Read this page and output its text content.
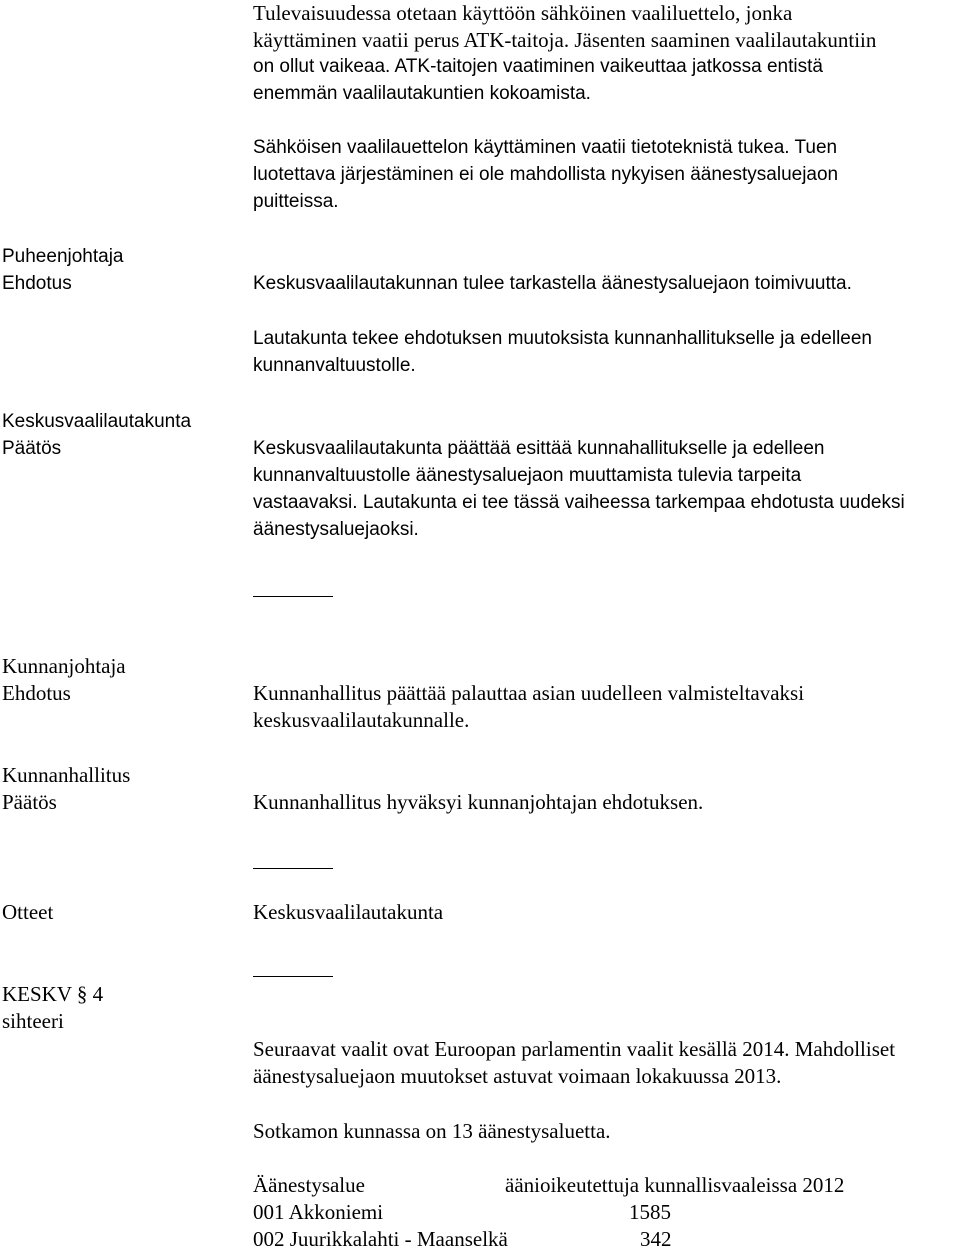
Tulevaisuudessa otetaan käyttöön sähköinen vaaliluettelo, jonka

käyttäminen vaatii perus ATK-taitoja. Jäsenten saaminen vaalilautakuntiin

on ollut vaikeaa. ATK-taitojen vaatiminen vaikeuttaa jatkossa entistä

enemmän vaalilautakuntien kokoamista.

Sähköisen vaalilauettelon käyttäminen vaatii tietoteknistä tukea. Tuen

luotettava järjestäminen ei ole mahdollista nykyisen äänestysaluejaon

puitteissa.

Puheenjohtaja

Ehdotus	Keskusvaalilautakunnan tulee tarkastella äänestysaluejaon toimivuutta.

Lautakunta tekee ehdotuksen muutoksista kunnanhallitukselle ja edelleen

kunnanvaltuustolle.

Keskusvaalilautakunta

Päätös	Keskusvaalilautakunta päättää esittää kunnahallitukselle ja edelleen

kunnanvaltuustolle äänestysaluejaon muuttamista tulevia tarpeita

vastaavaksi. Lautakunta ei tee tässä vaiheessa tarkempaa ehdotusta uudeksi

äänestysaluejaoksi.

Kunnanjohtaja

Ehdotus	Kunnanhallitus päättää palauttaa asian uudelleen valmisteltavaksi

keskusvaalilautakunnalle.

Kunnanhallitus

Päätös	Kunnanhallitus hyväksyi kunnanjohtajan ehdotuksen.

Otteet	Keskusvaalilautakunta

KESKV § 4

sihteeri

Seuraavat vaalit ovat Euroopan parlamentin vaalit kesällä 2014. Mahdolliset

äänestysaluejaon muutokset astuvat voimaan lokakuussa 2013.

Sotkamon kunnassa on 13 äänestysaluetta.

Äänestysalue	äänioikeutettuja kunnallisvaaleissa 2012

001 Akkoniemi	1585

002 Juurikkalahti - Maanselkä	342
